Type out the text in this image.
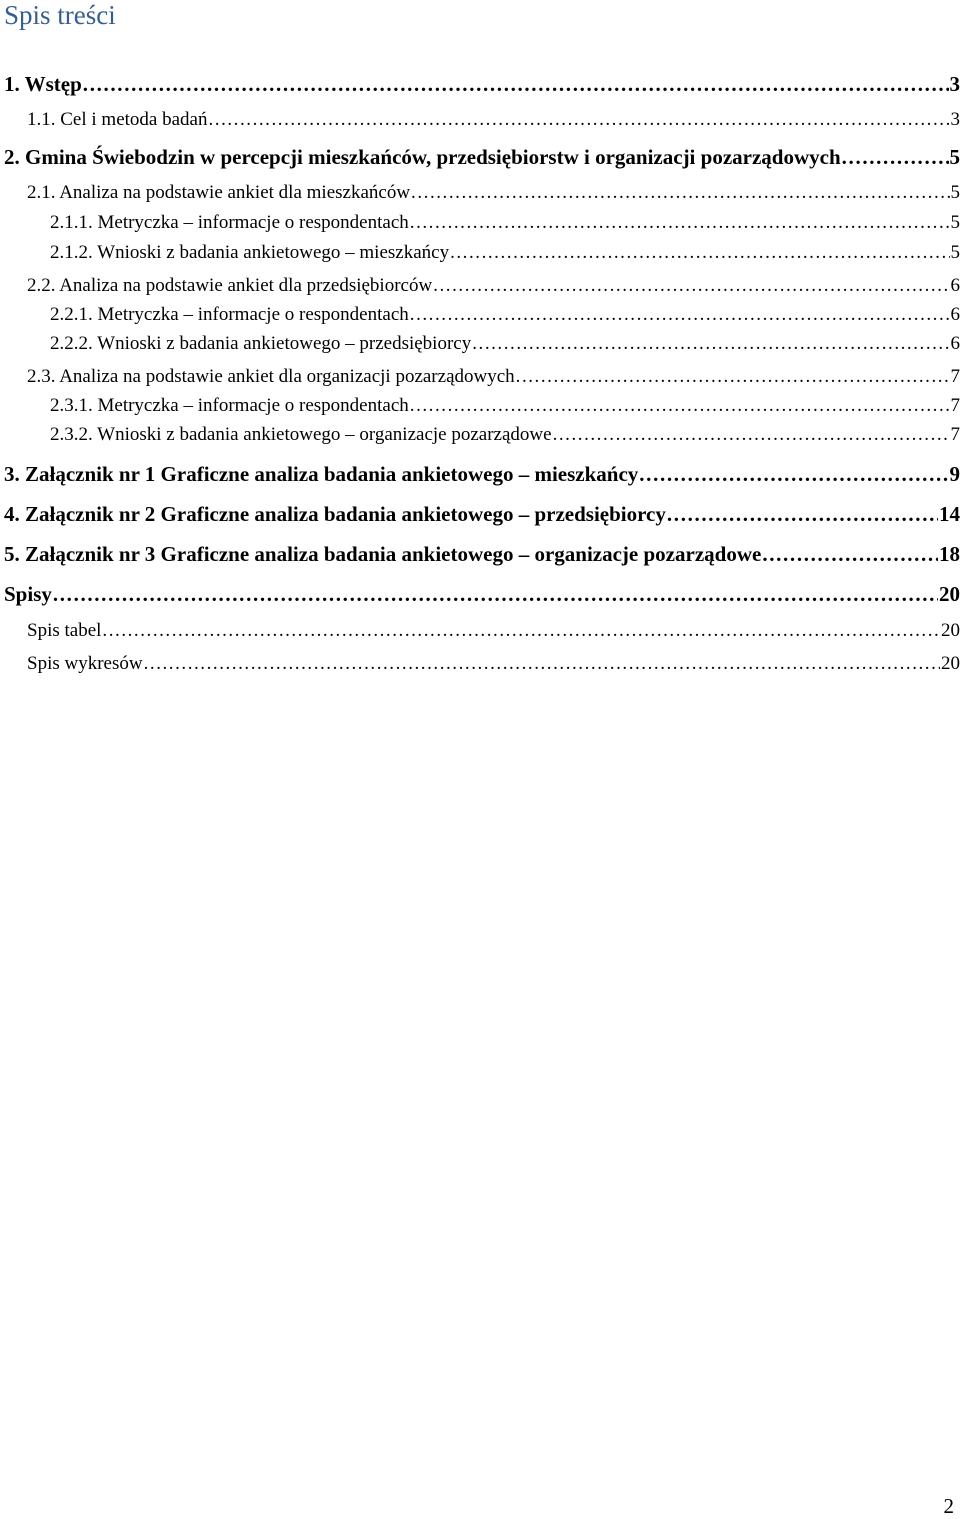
Spis treści
1. Wstęp . . .	3
1.1. Cel i metoda badań . . .	3
2. Gmina Świebodzin w percepcji mieszkańców, przedsiębiorstw i organizacji pozarządowych . . .	5
2.1. Analiza na podstawie ankiet dla mieszkańców . . .	5
2.1.1. Metryczka – informacje o respondentach . . .	5
2.1.2. Wnioski z badania ankietowego – mieszkańcy . . .	5
2.2. Analiza na podstawie ankiet dla przedsiębiorców . . .	6
2.2.1. Metryczka – informacje o respondentach . . .	6
2.2.2. Wnioski z badania ankietowego – przedsiębiorcy . . .	6
2.3. Analiza na podstawie ankiet dla organizacji pozarządowych . . .	7
2.3.1. Metryczka – informacje o respondentach . . .	7
2.3.2. Wnioski z badania ankietowego – organizacje pozarządowe . . .	7
3. Załącznik nr 1 Graficzne analiza badania ankietowego – mieszkańcy . . .	9
4. Załącznik nr 2 Graficzne analiza badania ankietowego – przedsiębiorcy . . .	14
5. Załącznik nr 3 Graficzne analiza badania ankietowego – organizacje pozarządowe . . .	18
Spisy . . .	20
Spis tabel . . .	20
Spis wykresów . . .	20
2
